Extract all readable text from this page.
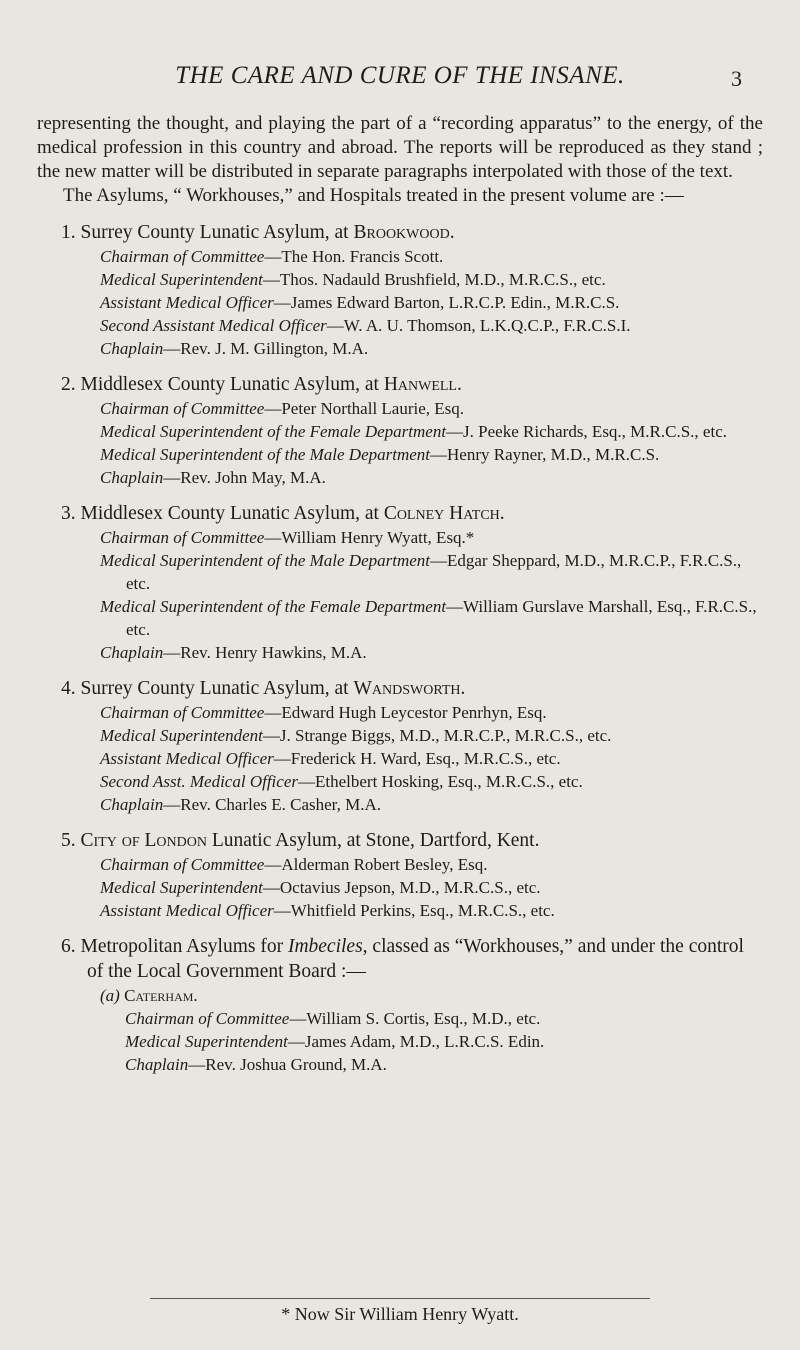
THE CARE AND CURE OF THE INSANE.	3

representing the thought, and playing the part of a “recording apparatus” to the energy, of the medical profession in this country and abroad. The reports will be reproduced as they stand ; the new matter will be distributed in separate paragraphs interpolated with those of the text.

The Asylums, “ Workhouses,” and Hospitals treated in the present volume are :—

1. Surrey County Lunatic Asylum, at Brookwood.
Chairman of Committee—The Hon. Francis Scott.
Medical Superintendent—Thos. Nadauld Brushfield, M.D., M.R.C.S., etc.
Assistant Medical Officer—James Edward Barton, L.R.C.P. Edin., M.R.C.S.
Second Assistant Medical Officer—W. A. U. Thomson, L.K.Q.C.P., F.R.C.S.I.
Chaplain—Rev. J. M. Gillington, M.A.
2. Middlesex County Lunatic Asylum, at Hanwell.
Chairman of Committee—Peter Northall Laurie, Esq.
Medical Superintendent of the Female Department—J. Peeke Richards, Esq., M.R.C.S., etc.
Medical Superintendent of the Male Department—Henry Rayner, M.D., M.R.C.S.
Chaplain—Rev. John May, M.A.
3. Middlesex County Lunatic Asylum, at Colney Hatch.
Chairman of Committee—William Henry Wyatt, Esq.*
Medical Superintendent of the Male Department—Edgar Sheppard, M.D., M.R.C.P., F.R.C.S., etc.
Medical Superintendent of the Female Department—William Gurslave Marshall, Esq., F.R.C.S., etc.
Chaplain—Rev. Henry Hawkins, M.A.
4. Surrey County Lunatic Asylum, at Wandsworth.
Chairman of Committee—Edward Hugh Leycestor Penrhyn, Esq.
Medical Superintendent—J. Strange Biggs, M.D., M.R.C.P., M.R.C.S., etc.
Assistant Medical Officer—Frederick H. Ward, Esq., M.R.C.S., etc.
Second Asst. Medical Officer—Ethelbert Hosking, Esq., M.R.C.S., etc.
Chaplain—Rev. Charles E. Casher, M.A.
5. City of London Lunatic Asylum, at Stone, Dartford, Kent.
Chairman of Committee—Alderman Robert Besley, Esq.
Medical Superintendent—Octavius Jepson, M.D., M.R.C.S., etc.
Assistant Medical Officer—Whitfield Perkins, Esq., M.R.C.S., etc.
6. Metropolitan Asylums for Imbeciles, classed as “Workhouses,” and under the control of the Local Government Board :—
(a) Caterham.
Chairman of Committee—William S. Cortis, Esq., M.D., etc.
Medical Superintendent—James Adam, M.D., L.R.C.S. Edin.
Chaplain—Rev. Joshua Ground, M.A.
* Now Sir William Henry Wyatt.
